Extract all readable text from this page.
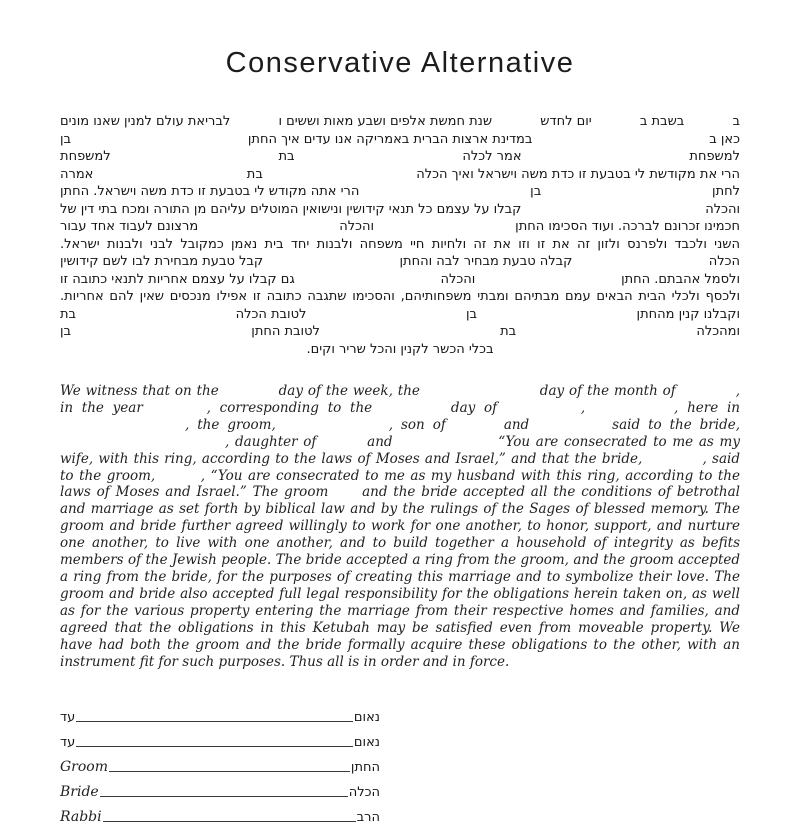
Conservative Alternative
ב
בשבת ב
יום לחדש
שנת חמשת אלפים ושבע מאות וששים ו
לבריאת עולם למנין שאנו מונים
כאן ב
במדינת ארצות הברית באמריקה אנו עדים איך החתן
בן
למשפחת
אמר לכלה
בת
למשפחת
הרי את מקודשת לי בטבעת זו כדת משה וישראל ואיך הכלה
בת
אמרה
לחתן
בן
הרי אתה מקודש לי בטבעת זו כדת משה וישראל. החתן
והכלה
קבלו על עצמם כל תנאי קידושין ונישואין המוטלים עליהם מן התורה ומכח בתי דין של
חכמינו זכרונם לברכה. ועוד הסכימו החתן
והכלה
מרצונם לעבוד אחד עבור
השני ולכבד ולפרנס ולזון זה את זו וזו את זה ולחיות חיי משפחה ולבנות יחד בית נאמן כמקובל לבני ולבנות ישראל.
הכלה
קבלה טבעת מבחיר לבה והחתן
קבל טבעת מבחירת לבו לשם קידושין
ולסמל אהבתם. החתן
והכלה
גם קבלו על עצמם אחריות לתנאי כתובה זו
ולכסף ולכלי הבית הבאים עמם מבתיהם ומבתי משפחותיהם, והסכימו שתגבה כתובה זו אפילו מנכסים שאין להם אחריות.
וקבלנו קנין מהחתן
בן
לטובת הכלה
בת
ומהכלה
בת
לטובת החתן
בן
בכלי הכשר לקנין והכל שריר וקים.
We witness that on the	day of the week, the	day of the month of	, in the year	, corresponding to the	day of	,	, here in , the groom,	, son of	and	said to the bride, , daughter of	and	“You are consecrated to me as my wife, with this ring, according to the laws of Moses and Israel,” and that the bride,	, said to the groom,	, “You are consecrated to me as my husband with this ring, according to the laws of Moses and Israel.” The groom and the bride accepted all the conditions of betrothal and marriage as set forth by biblical law and by the rulings of the Sages of blessed memory. The groom and bride further agreed willingly to work for one another, to honor, support, and nurture one another, to live with one another, and to build together a household of integrity as befits members of the Jewish people. The bride accepted a ring from the groom, and the groom accepted a ring from the bride, for the purposes of creating this marriage and to symbolize their love. The groom and bride also accepted full legal responsibility for the obligations herein taken on, as well as for the various property entering the marriage from their respective homes and families, and agreed that the obligations in this Ketubah may be satisfied even from moveable property. We have had both the groom and the bride formally acquire these obligations to the other, with an instrument fit for such purposes. Thus all is in order and in force.
עד	נאום
עד	נאום
Groom	החתן
Bride	הכלה
Rabbi	הרב
